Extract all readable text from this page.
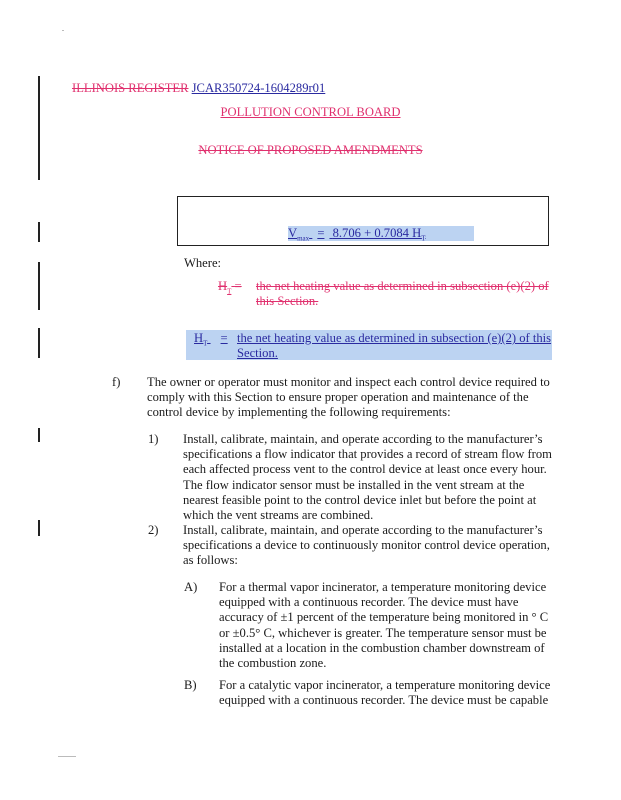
ILLINOIS REGISTER JCAR350724-1604289r01
POLLUTION CONTROL BOARD
NOTICE OF PROPOSED AMENDMENTS
$V_{max} = 8.706 + 0.7084$ $H_T$
Where:
$H_T$ = the net heating value as determined in subsection (e)(2) of
this Section.
$H_T$ = the net heating value as determined in subsection (e)(2) of this
Section.
f) The owner or operator must monitor and inspect each control device required to
comply with this Section to ensure proper operation and maintenance of the
control device by implementing the following requirements:
1) Install, calibrate, maintain, and operate according to the manufacturer’s
specifications a flow indicator that provides a record of stream flow from
each affected process vent to the control device at least once every hour.
The flow indicator sensor must be installed in the vent stream at the
nearest feasible point to the control device inlet but before the point at
which the vent streams are combined.
2) Install, calibrate, maintain, and operate according to the manufacturer’s
specifications a device to continuously monitor control device operation,
as follows:
A) For a thermal vapor incinerator, a temperature monitoring device
equipped with a continuous recorder. The device must have
accuracy of ±1 percent of the temperature being monitored in ° C
or ±0.5° C, whichever is greater. The temperature sensor must be
installed at a location in the combustion chamber downstream of
the combustion zone.
B) For a catalytic vapor incinerator, a temperature monitoring device
equipped with a continuous recorder. The device must be capable
